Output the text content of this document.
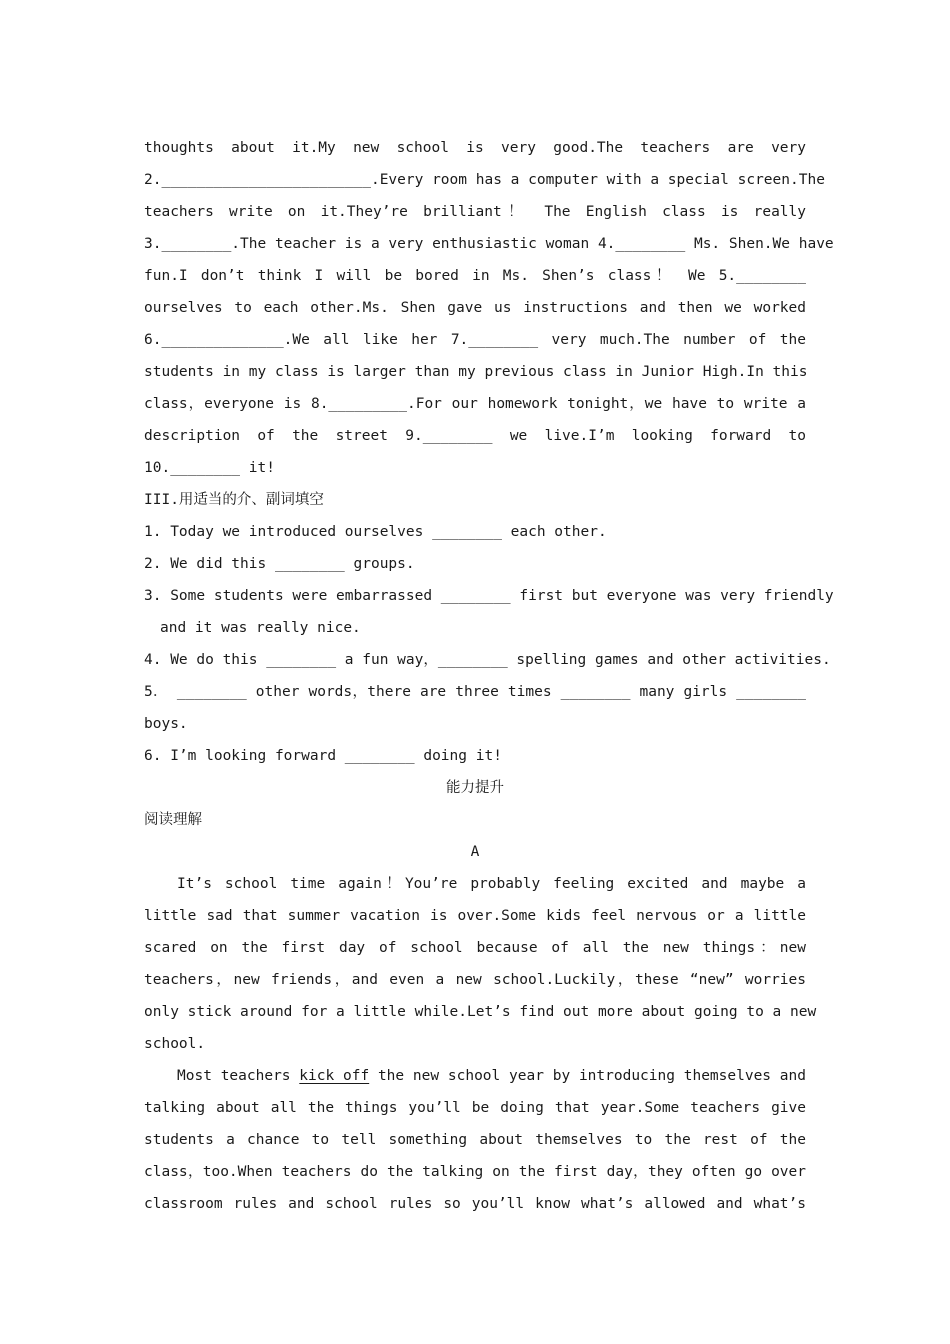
thoughts about it.My new school is very good.The teachers are very
2.________________________.Every room has a computer with a special screen.The
teachers write on it.They’re brilliant！ The English class is really
3.________.The teacher is a very enthusiastic woman 4.________ Ms. Shen.We have
fun.I don’t think I will be bored in Ms. Shen’s class！ We 5.________
ourselves to each other.Ms. Shen gave us instructions and then we worked
6.______________.We all like her 7.________ very much.The number of the
students in my class is larger than my previous class in Junior High.In this
class，everyone is 8._________.For our homework tonight，we have to write a
description of the street 9.________ we live.I’m looking forward to
10.________ it!
III.用适当的介、副词填空
1. Today we introduced ourselves ________ each other.
2. We did this ________ groups.
3. Some students were embarrassed ________ first but everyone was very friendly
and it was really nice.
4. We do this ________ a fun way，________ spelling games and other activities.
5． ________ other words，there are three times ________ many girls ________
boys.
6. I’m looking forward ________ doing it!
能力提升
阅读理解
A
It’s school time again！You’re probably feeling excited and maybe a
little sad that summer vacation is over.Some kids feel nervous or a little
scared on the first day of school because of all the new things：new
teachers，new friends，and even a new school.Luckily，these “new” worries
only stick around for a little while.Let’s find out more about going to a new
school.
Most teachers kick off the new school year by introducing themselves and
talking about all the things you’ll be doing that year.Some teachers give
students a chance to tell something about themselves to the rest of the
class，too.When teachers do the talking on the first day，they often go over
classroom rules and school rules so you’ll know what’s allowed and what’s
